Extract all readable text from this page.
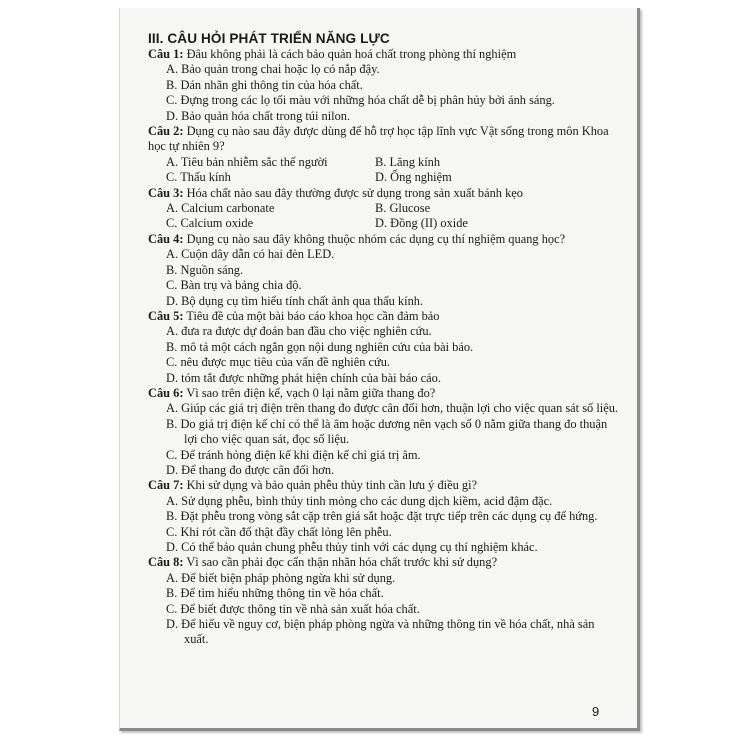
III. CÂU HỎI PHÁT TRIỂN NĂNG LỰC
Câu 1: Đâu không phải là cách bảo quản hoá chất trong phòng thí nghiệm
A. Bảo quản trong chai hoặc lọ có nắp đậy.
B. Dán nhãn ghi thông tin của hóa chất.
C. Đựng trong các lọ tối màu với những hóa chất dễ bị phân hủy bởi ánh sáng.
D. Bảo quản hóa chất trong túi nilon.
Câu 2: Dụng cụ nào sau đây được dùng để hỗ trợ học tập lĩnh vực Vật sống trong môn Khoa học tự nhiên 9?
A. Tiêu bản nhiễm sắc thể người	B. Lăng kính
C. Thấu kính	D. Ống nghiệm
Câu 3: Hóa chất nào sau đây thường được sử dụng trong sản xuất bánh kẹo
A. Calcium carbonate	B. Glucose
C. Calcium oxide	D. Đồng (II) oxide
Câu 4: Dụng cụ nào sau đây không thuộc nhóm các dụng cụ thí nghiệm quang học?
A. Cuộn dây dẫn có hai đèn LED.
B. Nguồn sáng.
C. Bàn trụ và bảng chia độ.
D. Bộ dụng cụ tìm hiểu tính chất ảnh qua thấu kính.
Câu 5: Tiêu đề của một bài báo cáo khoa học cần đảm bảo
A. đưa ra được dự đoán ban đầu cho việc nghiên cứu.
B. mô tả một cách ngắn gọn nội dung nghiên cứu của bài báo.
C. nêu được mục tiêu của vấn đề nghiên cứu.
D. tóm tắt được những phát hiện chính của bài báo cáo.
Câu 6: Vì sao trên điện kế, vạch 0 lại nằm giữa thang đo?
A. Giúp các giá trị điện trên thang đo được cân đối hơn, thuận lợi cho việc quan sát số liệu.
B. Do giá trị điện kế chỉ có thể là âm hoặc dương nên vạch số 0 nằm giữa thang đo thuận lợi cho việc quan sát, đọc số liệu.
C. Để tránh hỏng điện kế khi điện kế chỉ giá trị âm.
D. Để thang đo được cân đối hơn.
Câu 7: Khi sử dụng và bảo quản phễu thủy tinh cần lưu ý điều gì?
A. Sử dụng phễu, bình thủy tinh mỏng cho các dung dịch kiềm, acid đậm đặc.
B. Đặt phễu trong vòng sắt cặp trên giá sắt hoặc đặt trực tiếp trên các dụng cụ để hứng.
C. Khi rót cần đổ thật đầy chất lỏng lên phễu.
D. Có thể bảo quản chung phễu thủy tinh với các dụng cụ thí nghiệm khác.
Câu 8: Vì sao cần phải đọc cẩn thận nhãn hóa chất trước khi sử dụng?
A. Để biết biện pháp phòng ngừa khi sử dụng.
B. Để tìm hiểu những thông tin về hóa chất.
C. Để biết được thông tin về nhà sản xuất hóa chất.
D. Để hiểu về nguy cơ, biện pháp phòng ngừa và những thông tin về hóa chất, nhà sản xuất.
9
